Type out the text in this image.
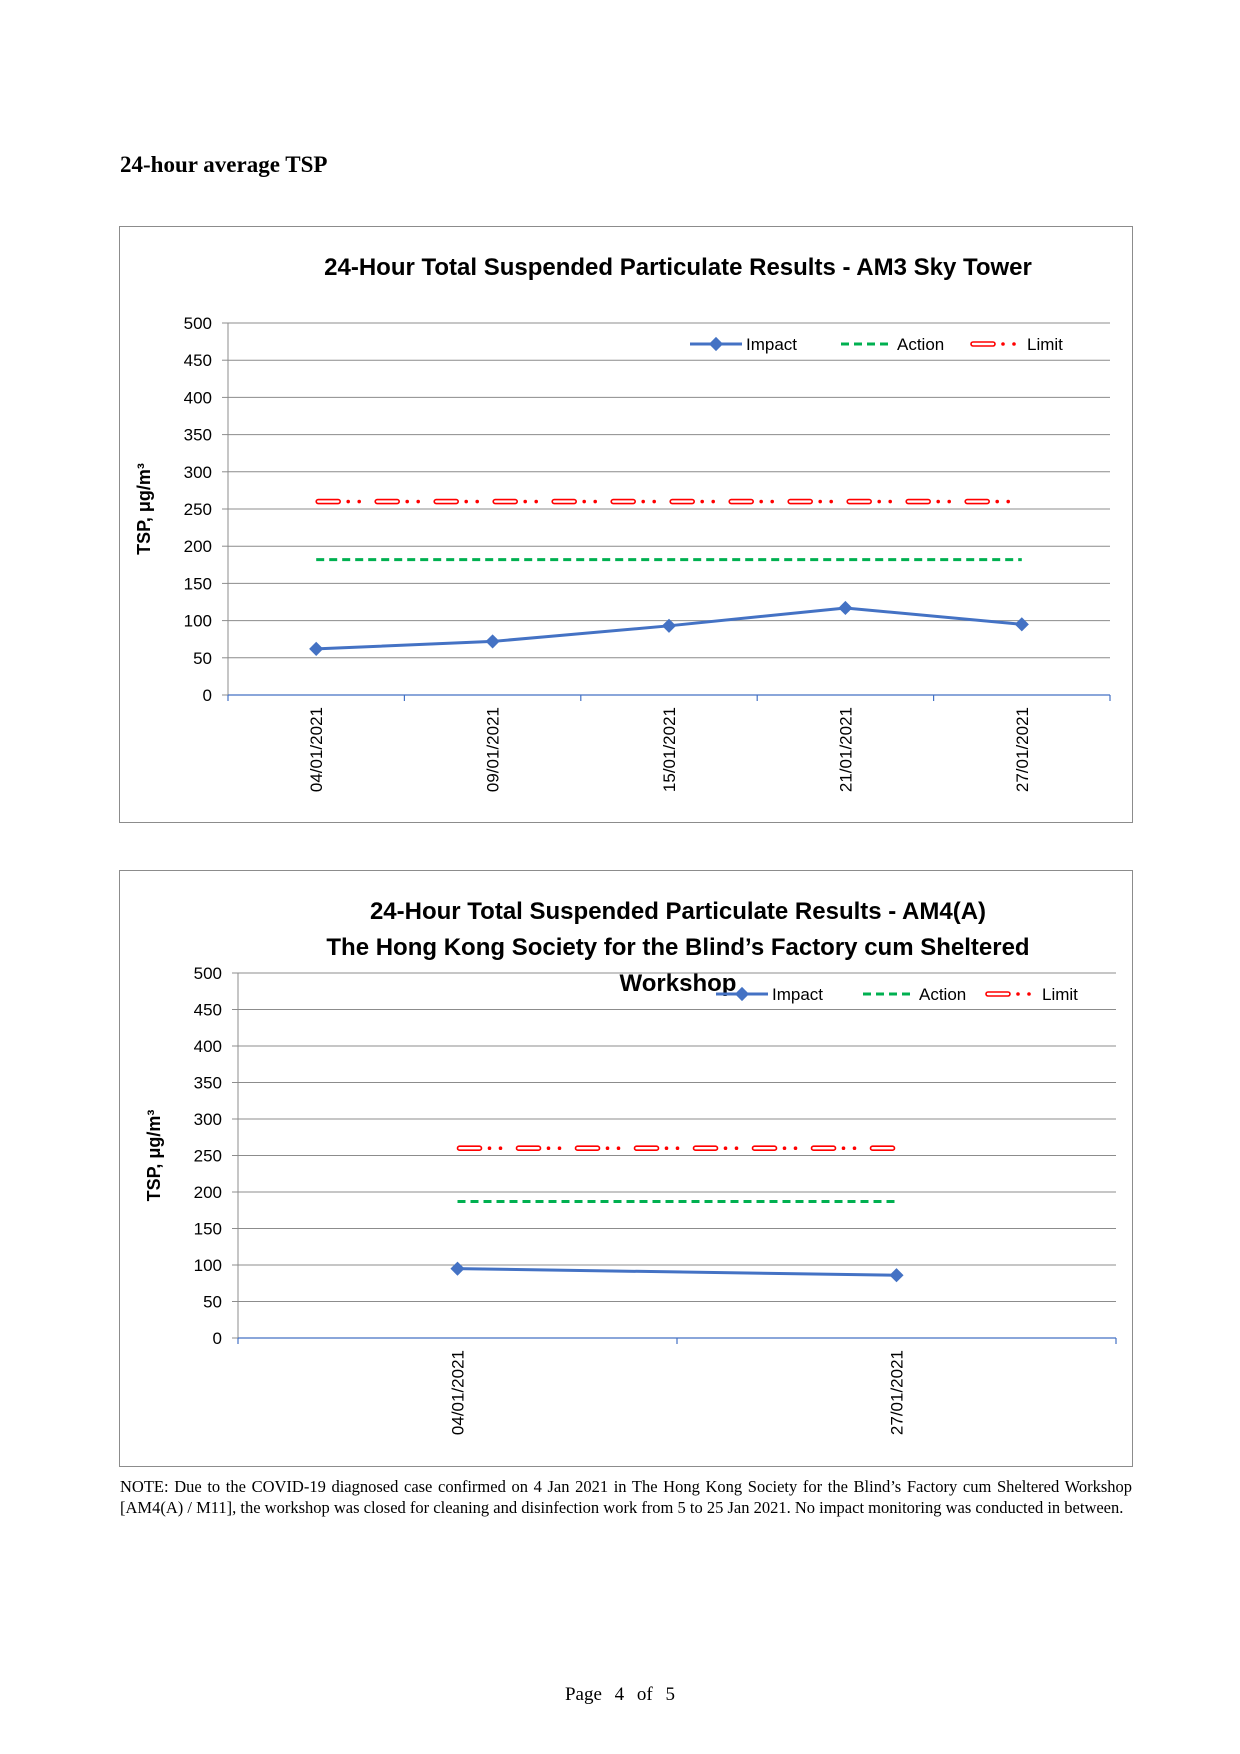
24-hour average TSP
0
50
100
150
200
250
300
350
400
450
500
04/01/2021	09/01/2021	15/01/2021	21/01/2021	27/01/2021
TSP, μg/m³
24-Hour Total Suspended Particulate Results - AM3 Sky Tower
Impact	Action	Limit
0
50
100
150
200
250
300
350
400
450
500
04/01/2021	27/01/2021
TSP, μg/m³
24-Hour Total Suspended Particulate Results - AM4(A)
The Hong Kong Society for the Blind’s Factory cum Sheltered
Workshop Impact	Action	Limit
NOTE: Due to the COVID-19 diagnosed case confirmed on 4 Jan 2021 in The Hong Kong Society for the Blind’s Factory cum Sheltered Workshop [AM4(A) / M11], the workshop was closed for cleaning and disinfection work from 5 to 25 Jan 2021. No impact monitoring was conducted in between.
Page 4 of 5
